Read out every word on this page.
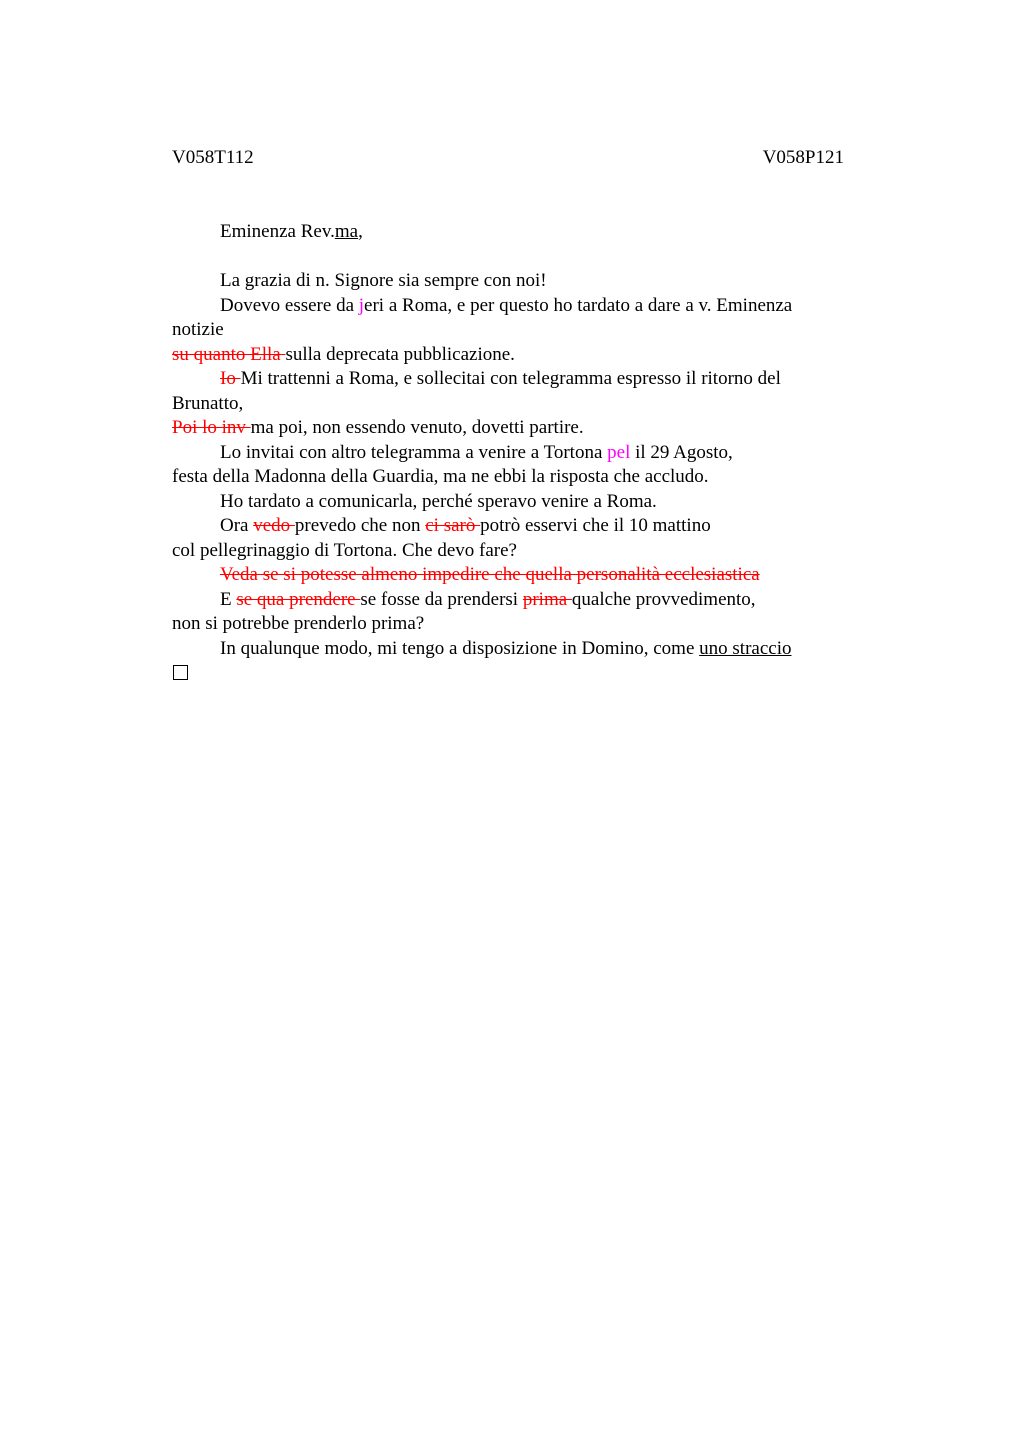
V058T112	V058P121
Eminenza Rev.ma,
La grazia di n. Signore sia sempre con noi!
Dovevo essere da jeri a Roma, e per questo ho tardato a dare a v. Eminenza
notizie
su quanto Ella sulla deprecata pubblicazione.
Io Mi trattenni a Roma, e sollecitai con telegramma espresso il ritorno del
Brunatto,
Poi lo inv ma poi, non essendo venuto, dovetti partire.
Lo invitai con altro telegramma a venire a Tortona pel il 29 Agosto,
festa della Madonna della Guardia, ma ne ebbi la risposta che accludo.
Ho tardato a comunicarla, perché speravo venire a Roma.
Ora vedo prevedo che non ci sarò potrò esservi che il 10 mattino
col pellegrinaggio di Tortona. Che devo fare?
Veda se si potesse almeno impedire che quella personalità ecclesiastica
E se qua prendere se fosse da prendersi prima qualche provvedimento,
non si potrebbe prenderlo prima?
In qualunque modo, mi tengo a disposizione in Domino, come uno straccio
